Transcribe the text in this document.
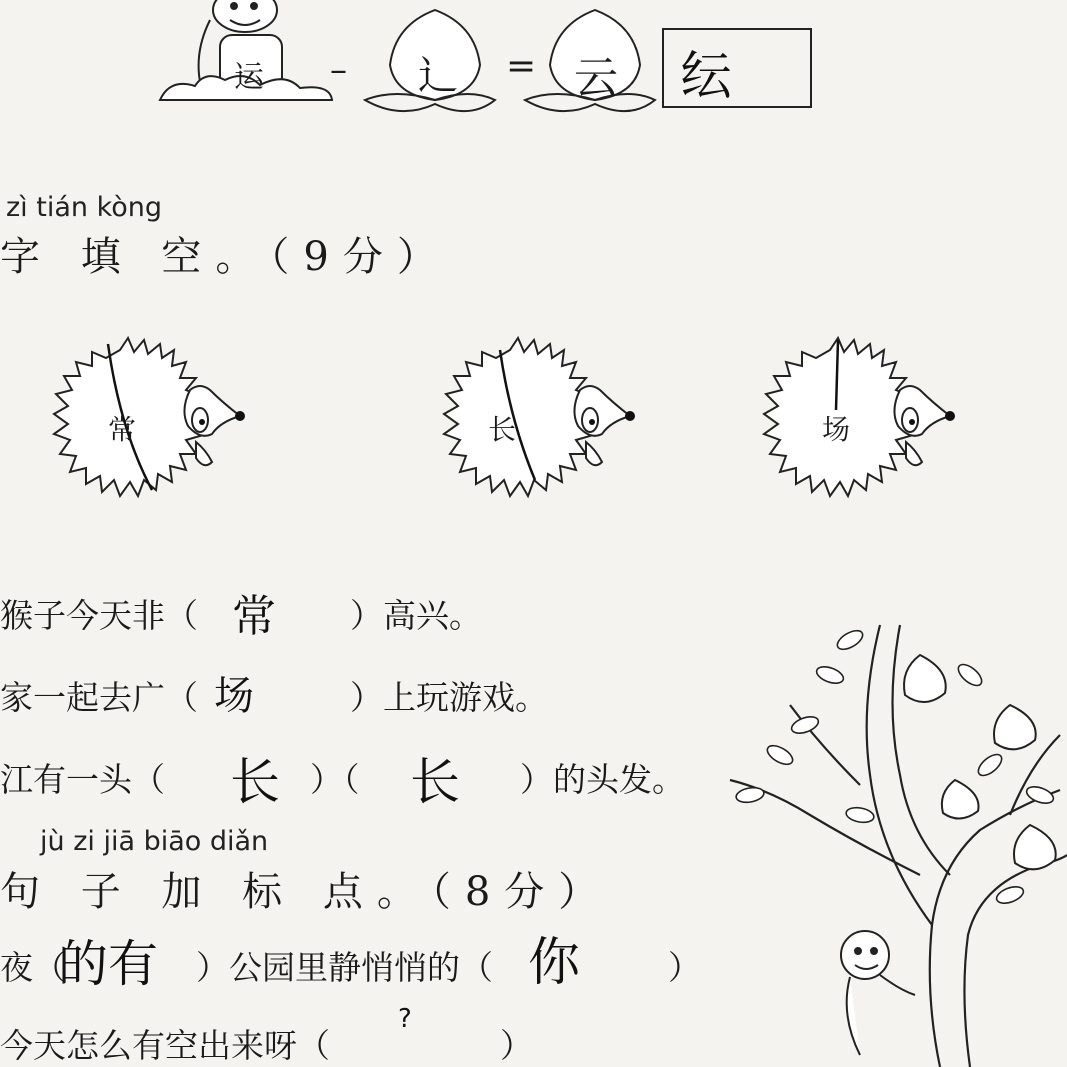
运 – 辶 = 云 纭
zì tián kòng
字 填 空。（9分）
常	长	场
猴子今天非（ 常 ）高兴。
家一起去广（ 场	）上玩游戏。
江有一头（ 长 ）（ 长 ）的头发。
jù zi jiā biāo diǎn
句 子 加 标 点。（8分）
夜（
的有 ）公园里静悄悄的（ 你	）
今天怎么有空出来呀（
?
）
